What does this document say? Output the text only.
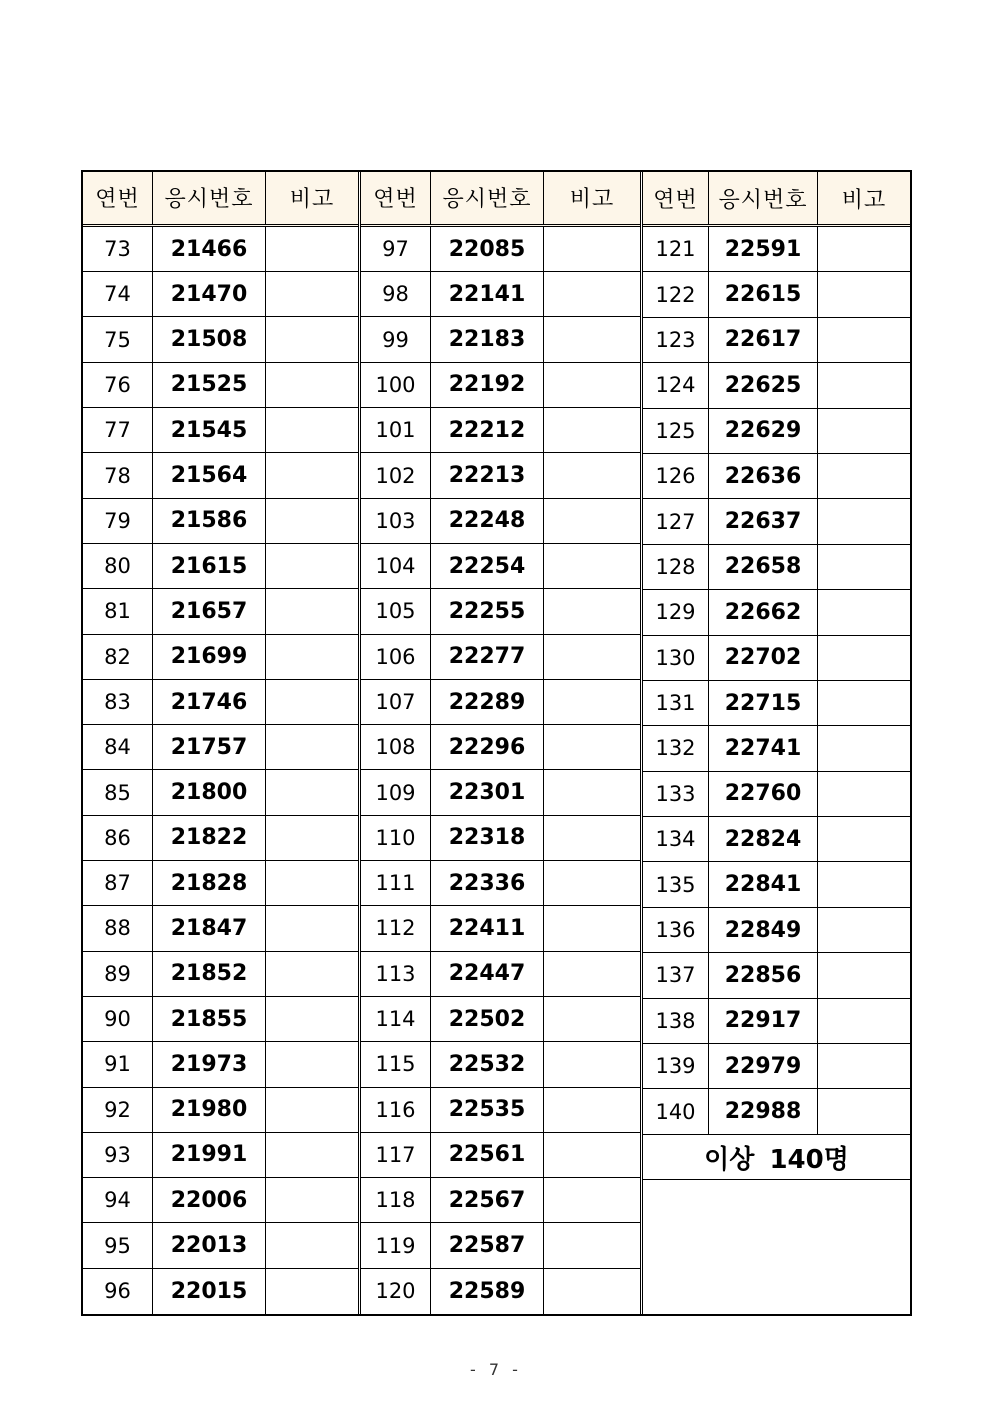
연번	응시번호	비고
73	21466
74	21470
75	21508
76	21525
77	21545
78	21564
79	21586
80	21615
81	21657
82	21699
83	21746
84	21757
85	21800
86	21822
87	21828
88	21847
89	21852
90	21855
91	21973
92	21980
93	21991
94	22006
95	22013
96	22015
연번	응시번호	비고
97	22085
98	22141
99	22183
100	22192
101	22212
102	22213
103	22248
104	22254
105	22255
106	22277
107	22289
108	22296
109	22301
110	22318
111	22336
112	22411
113	22447
114	22502
115	22532
116	22535
117	22561
118	22567
119	22587
120	22589
연번 응시번호	비고
121	22591
122	22615
123	22617
124	22625
125	22629
126	22636
127	22637
128	22658
129	22662
130	22702
131	22715
132	22741
133	22760
134	22824
135	22841
136	22849
137	22856
138	22917
139	22979
140	22988
이상 140명
- 7 -
